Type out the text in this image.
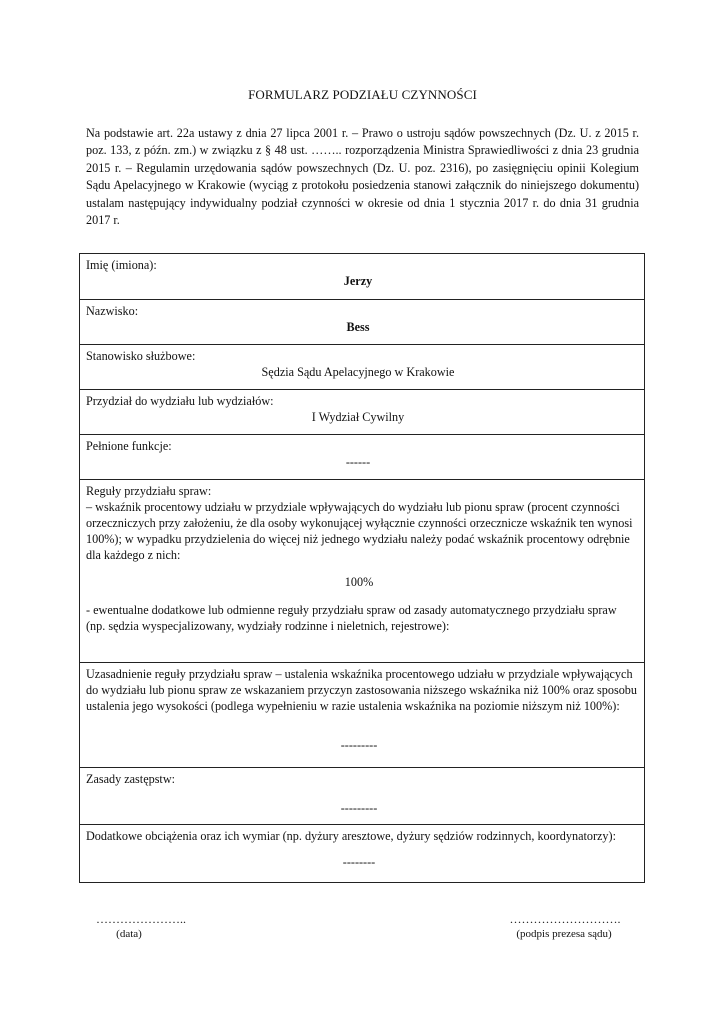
FORMULARZ PODZIAŁU CZYNNOŚCI
Na podstawie art. 22a ustawy z dnia 27 lipca 2001 r. – Prawo o ustroju sądów powszechnych (Dz. U. z 2015 r. poz. 133, z późn. zm.) w związku z § 48 ust. …….. rozporządzenia Ministra Sprawiedliwości z dnia 23 grudnia 2015 r. – Regulamin urzędowania sądów powszechnych (Dz. U. poz. 2316), po zasięgnięciu opinii Kolegium Sądu Apelacyjnego w Krakowie (wyciąg z protokołu posiedzenia stanowi załącznik do niniejszego dokumentu) ustalam następujący indywidualny podział czynności w okresie od dnia 1 stycznia 2017 r. do dnia 31 grudnia 2017 r.
Imię (imiona):
Jerzy
Nazwisko:
Bess
Stanowisko służbowe:
Sędzia Sądu Apelacyjnego w Krakowie
Przydział do wydziału lub wydziałów:
I Wydział Cywilny
Pełnione funkcje:
------
Reguły przydziału spraw:
– wskaźnik procentowy udziału w przydziale wpływających do wydziału lub pionu spraw (procent czynności orzeczniczych przy założeniu, że dla osoby wykonującej wyłącznie czynności orzecznicze wskaźnik ten wynosi 100%); w wypadku przydzielenia do więcej niż jednego wydziału należy podać wskaźnik procentowy odrębnie dla każdego z nich:
100%
- ewentualne dodatkowe lub odmienne reguły przydziału spraw od zasady automatycznego przydziału spraw (np. sędzia wyspecjalizowany, wydziały rodzinne i nieletnich, rejestrowe):
Uzasadnienie reguły przydziału spraw – ustalenia wskaźnika procentowego udziału w przydziale wpływających do wydziału lub pionu spraw ze wskazaniem przyczyn zastosowania niższego wskaźnika niż 100% oraz sposobu ustalenia jego wysokości (podlega wypełnieniu w razie ustalenia wskaźnika na poziomie niższym niż 100%):
---------
Zasady zastępstw:
---------
Dodatkowe obciążenia oraz ich wymiar (np. dyżury aresztowe, dyżury sędziów rodzinnych, koordynatorzy):
--------
…………………..
(data)
……………………….
(podpis prezesa sądu)
